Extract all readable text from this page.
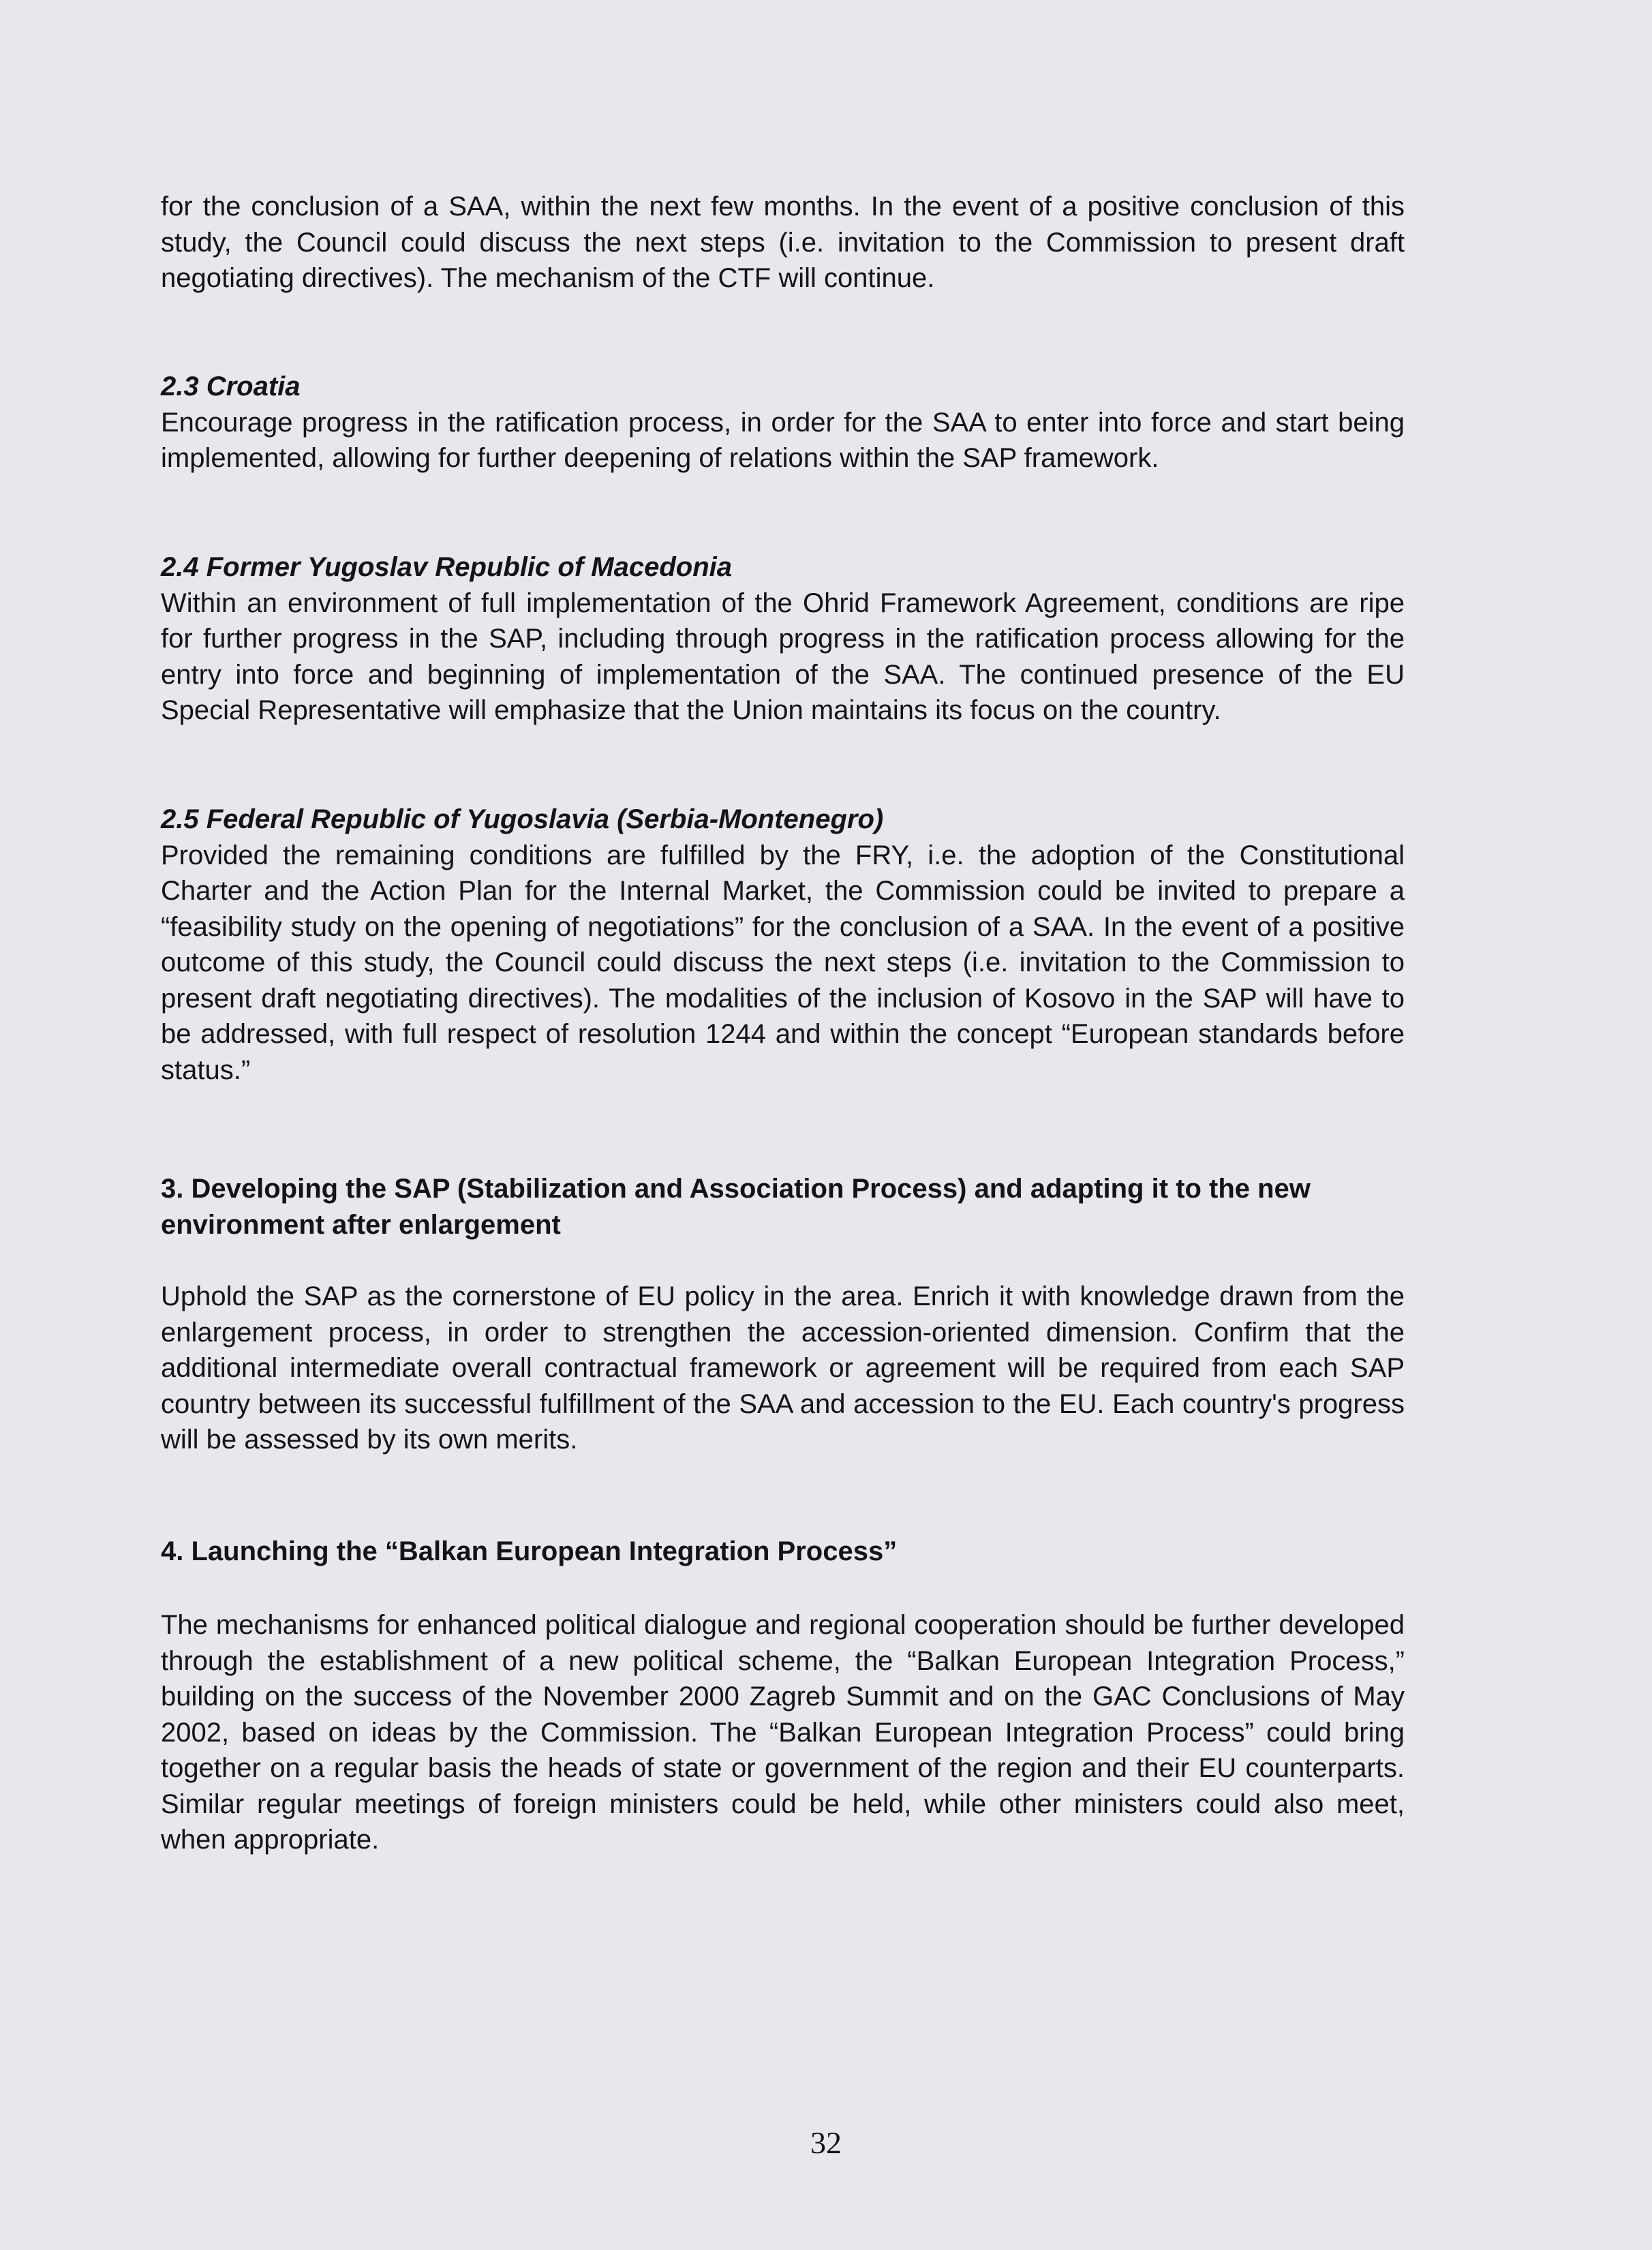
for the conclusion of a SAA, within the next few months. In the event of a positive conclusion of this study, the Council could discuss the next steps (i.e. invitation to the Commission to present draft negotiating directives). The mechanism of the CTF will continue.

2.3 Croatia

Encourage progress in the ratification process, in order for the SAA to enter into force and start being implemented, allowing for further deepening of relations within the SAP framework.

2.4 Former Yugoslav Republic of Macedonia

Within an environment of full implementation of the Ohrid Framework Agreement, conditions are ripe for further progress in the SAP, including through progress in the ratification process allowing for the entry into force and beginning of implementation of the SAA. The continued presence of the EU Special Representative will emphasize that the Union maintains its focus on the country.

2.5 Federal Republic of Yugoslavia (Serbia-Montenegro)

Provided the remaining conditions are fulfilled by the FRY, i.e. the adoption of the Constitutional Charter and the Action Plan for the Internal Market, the Commission could be invited to prepare a “feasibility study on the opening of negotiations” for the conclusion of a SAA. In the event of a positive outcome of this study, the Council could discuss the next steps (i.e. invitation to the Commission to present draft negotiating directives). The modalities of the inclusion of Kosovo in the SAP will have to be addressed, with full respect of resolution 1244 and within the concept “European standards before status.”

3. Developing the SAP (Stabilization and Association Process) and adapting it to the new environment after enlargement

Uphold the SAP as the cornerstone of EU policy in the area. Enrich it with knowledge drawn from the enlargement process, in order to strengthen the accession-oriented dimension. Confirm that the additional intermediate overall contractual framework or agreement will be required from each SAP country between its successful fulfillment of the SAA and accession to the EU. Each country's progress will be assessed by its own merits.

4. Launching the “Balkan European Integration Process”

The mechanisms for enhanced political dialogue and regional cooperation should be further developed through the establishment of a new political scheme, the “Balkan European Integration Process,” building on the success of the November 2000 Zagreb Summit and on the GAC Conclusions of May 2002, based on ideas by the Commission. The “Balkan European Integration Process” could bring together on a regular basis the heads of state or government of the region and their EU counterparts. Similar regular meetings of foreign ministers could be held, while other ministers could also meet, when appropriate.

32
